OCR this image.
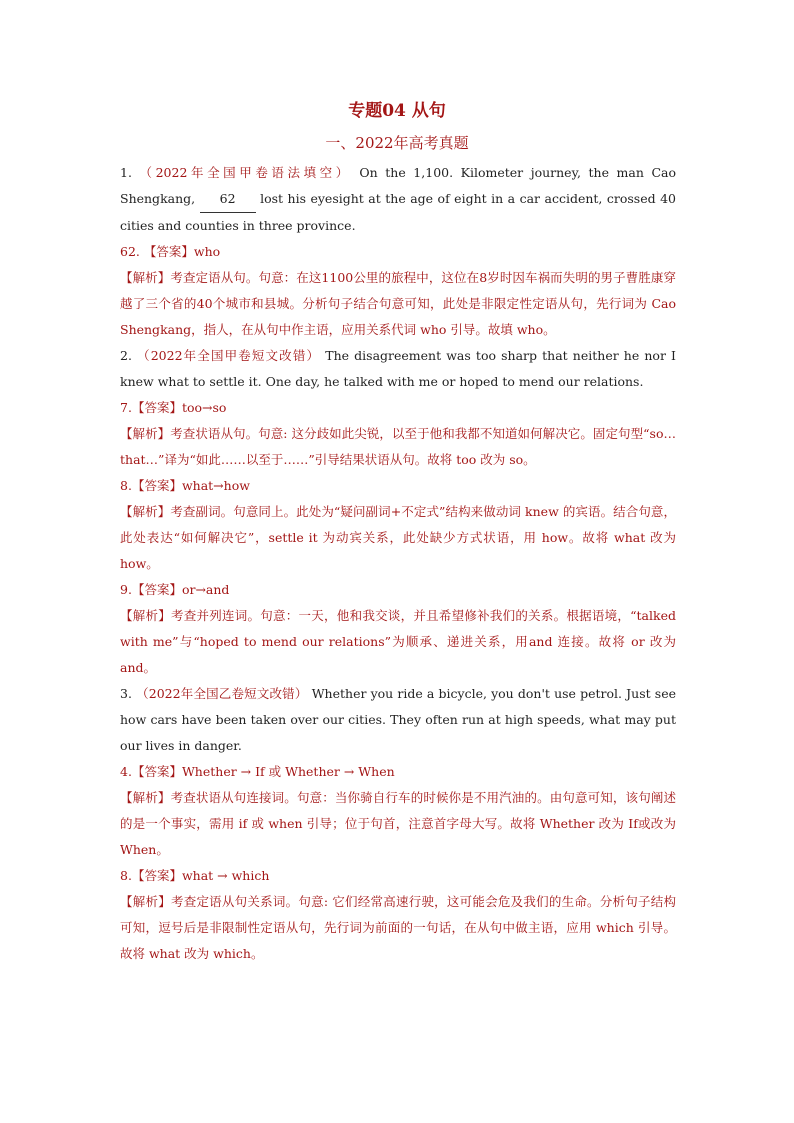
专题04 从句
一、2022年高考真题

1. （2022年全国甲卷语法填空） On the 1,100. Kilometer journey, the man Cao Shengkang, 62 lost his eyesight at the age of eight in a car accident, crossed 40 cities and counties in three province.

62. 【答案】who

【解析】考查定语从句。句意：在这1100公里的旅程中，这位在8岁时因车祸而失明的男子曹胜康穿越了三个省的40个城市和县城。分析句子结合句意可知，此处是非限定性定语从句，先行词为 Cao Shengkang，指人，在从句中作主语，应用关系代词 who 引导。故填 who。

2. （2022年全国甲卷短文改错） The disagreement was too sharp that neither he nor I knew what to settle it. One day, he talked with me or hoped to mend our relations.

7.【答案】too→so

【解析】考查状语从句。句意: 这分歧如此尖锐，以至于他和我都不知道如何解决它。固定句型“so…that…”译为“如此……以至于……”引导结果状语从句。故将 too 改为 so。

8.【答案】what→how

【解析】考查副词。句意同上。此处为“疑问副词+不定式”结构来做动词 knew 的宾语。结合句意，此处表达“如何解决它”，settle it 为动宾关系，此处缺少方式状语，用 how。故将 what 改为 how。

9.【答案】or→and

【解析】考查并列连词。句意：一天，他和我交谈，并且希望修补我们的关系。根据语境，“talked with me”与“hoped to mend our relations”为顺承、递进关系，用and 连接。故将 or 改为 and。

3. （2022年全国乙卷短文改错） Whether you ride a bicycle, you don't use petrol. Just see how cars have been taken over our cities. They often run at high speeds, what may put our lives in danger.

4.【答案】Whether → If 或 Whether → When

【解析】考查状语从句连接词。句意：当你骑自行车的时候你是不用汽油的。由句意可知，该句阐述的是一个事实，需用 if 或 when 引导；位于句首，注意首字母大写。故将 Whether 改为 If或改为 When。

8.【答案】what → which

【解析】考查定语从句关系词。句意: 它们经常高速行驶，这可能会危及我们的生命。分析句子结构可知，逗号后是非限制性定语从句，先行词为前面的一句话，在从句中做主语，应用 which 引导。故将 what 改为 which。
